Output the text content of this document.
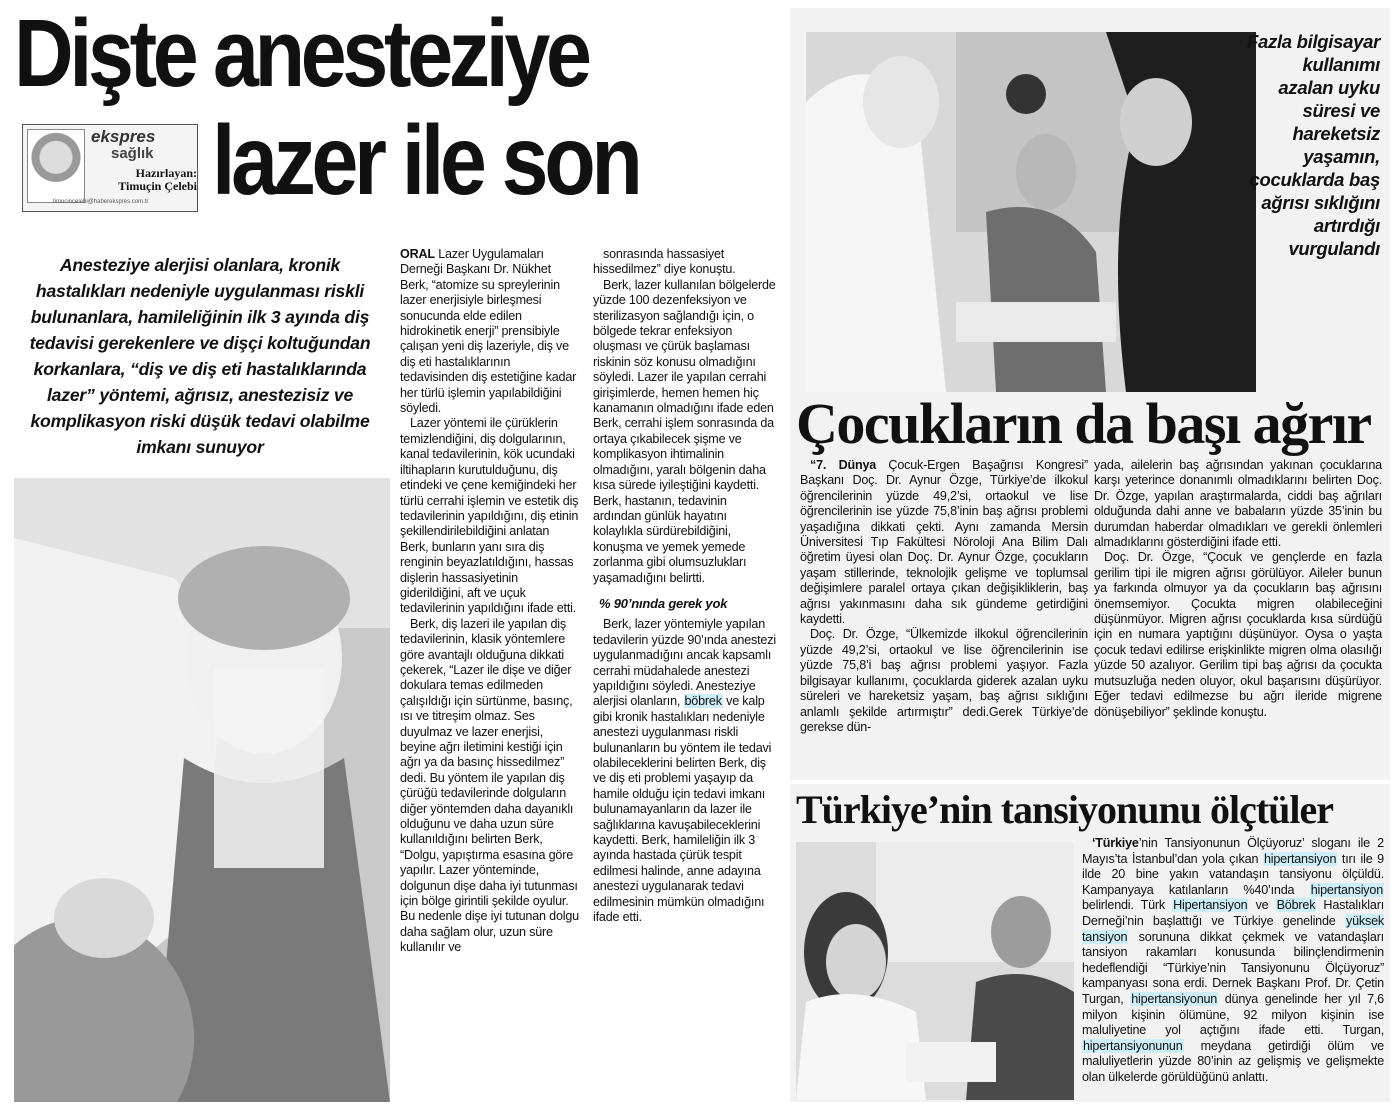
Dişte anesteziye
ekspres
sağlık
Hazırlayan:
Timuçin Çelebi
timucincelebi@haberekspres.com.tr lazer ile son
Anesteziye alerjisi olanlara, kronik hastalıkları nedeniyle uygulanması riskli bulunanlara, hamileliğinin ilk 3 ayında diş tedavisi gerekenlere ve dişçi koltuğundan korkanlara, “diş ve diş eti hastalıklarında lazer” yöntemi, ağrısız, anestezisiz ve komplikasyon riski düşük tedavi olabilme imkanı sunuyor

ORAL Lazer Uygulamaları Derneği Başkanı Dr. Nükhet Berk, “atomize su spreylerinin lazer enerjisiyle birleşmesi sonucunda elde edilen hidrokinetik enerji” prensibiyle çalışan yeni diş lazeriyle, diş ve diş eti hastalıklarının tedavisinden diş estetiğine kadar her türlü işlemin yapılabildiğini söyledi.

Lazer yöntemi ile çürüklerin temizlendiğini, diş dolgularının, kanal tedavilerinin, kök ucundaki iltihapların kurutulduğunu, diş etindeki ve çene kemiğindeki her türlü cerrahi işlemin ve estetik diş tedavilerinin yapıldığını, diş etinin şekillendirilebildiğini anlatan Berk, bunların yanı sıra diş renginin beyazlatıldığını, hassas dişlerin hassasiyetinin giderildiğini, aft ve uçuk tedavilerinin yapıldığını ifade etti.

Berk, diş lazeri ile yapılan diş tedavilerinin, klasik yöntemlere göre avantajlı olduğuna dikkati çekerek, “Lazer ile dişe ve diğer dokulara temas edilmeden çalışıldığı için sürtünme, basınç, ısı ve titreşim olmaz. Ses duyulmaz ve lazer enerjisi, beyine ağrı iletimini kestiği için ağrı ya da basınç hissedilmez” dedi. Bu yöntem ile yapılan diş çürüğü tedavilerinde dolguların diğer yöntemden daha dayanıklı olduğunu ve daha uzun süre kullanıldığını belirten Berk, “Dolgu, yapıştırma esasına göre yapılır. Lazer yönteminde, dolgunun dişe daha iyi tutunması için bölge girintili şekilde oyulur. Bu nedenle dişe iyi tutunan dolgu daha sağlam olur, uzun süre kullanılır ve

sonrasında hassasiyet hissedilmez” diye konuştu.

Berk, lazer kullanılan bölgelerde yüzde 100 dezenfeksiyon ve sterilizasyon sağlandığı için, o bölgede tekrar enfeksiyon oluşması ve çürük başlaması riskinin söz konusu olmadığını söyledi. Lazer ile yapılan cerrahi girişimlerde, hemen hemen hiç kanamanın olmadığını ifade eden Berk, cerrahi işlem sonrasında da ortaya çıkabilecek şişme ve komplikasyon ihtimalinin olmadığını, yaralı bölgenin daha kısa sürede iyileştiğini kaydetti. Berk, hastanın, tedavinin ardından günlük hayatını kolaylıkla sürdürebildiğini, konuşma ve yemek yemede zorlanma gibi olumsuzlukları yaşamadığını belirtti.

% 90’nında gerek yok

Berk, lazer yöntemiyle yapılan tedavilerin yüzde 90’ında anestezi uygulanmadığını ancak kapsamlı cerrahi müdahalede anestezi yapıldığını söyledi. Anesteziye alerjisi olanların, böbrek ve kalp gibi kronik hastalıkları nedeniyle anestezi uygulanması riskli bulunanların bu yöntem ile tedavi olabileceklerini belirten Berk, diş ve diş eti problemi yaşayıp da hamile olduğu için tedavi imkanı bulunamayanların da lazer ile sağlıklarına kavuşabileceklerini kaydetti. Berk, hamileliğin ilk 3 ayında hastada çürük tespit edilmesi halinde, anne adayına anestezi uygulanarak tedavi edilmesinin mümkün olmadığını ifade etti.

Fazla bilgisayar kullanımı azalan uyku süresi ve hareketsiz yaşamın, çocuklarda baş ağrısı sıklığını artırdığı vurgulandı
Çocukların da başı ağrır

“7. Dünya Çocuk-Ergen Başağrısı Kongresi” Başkanı Doç. Dr. Aynur Özge, Türkiye’de ilkokul öğrencilerinin yüzde 49,2’si, ortaokul ve lise öğrencilerinin ise yüzde 75,8’inin baş ağrısı problemi yaşadığına dikkati çekti. Aynı zamanda Mersin Üniversitesi Tıp Fakültesi Nöroloji Ana Bilim Dalı öğretim üyesi olan Doç. Dr. Aynur Özge, çocukların yaşam stillerinde, teknolojik gelişme ve toplumsal değişimlere paralel ortaya çıkan değişikliklerin, baş ağrısı yakınmasını daha sık gündeme getirdiğini kaydetti.

Doç. Dr. Özge, “Ülkemizde ilkokul öğrencilerinin yüzde 49,2’si, ortaokul ve lise öğrencilerinin ise yüzde 75,8’i baş ağrısı problemi yaşıyor. Fazla bilgisayar kullanımı, çocuklarda giderek azalan uyku süreleri ve hareketsiz yaşam, baş ağrısı sıklığını anlamlı şekilde artırmıştır” dedi.Gerek Türkiye’de gerekse dün-

yada, ailelerin baş ağrısından yakınan çocuklarına karşı yeterince donanımlı olmadıklarını belirten Doç. Dr. Özge, yapılan araştırmalarda, ciddi baş ağrıları olduğunda dahi anne ve babaların yüzde 35’inin bu durumdan haberdar olmadıkları ve gerekli önlemleri almadıklarını gösterdiğini ifade etti.

Doç. Dr. Özge, “Çocuk ve gençlerde en fazla gerilim tipi ile migren ağrısı görülüyor. Aileler bunun ya farkında olmuyor ya da çocukların baş ağrısını önemsemiyor. Çocukta migren olabileceğini düşünmüyor. Migren ağrısı çocuklarda kısa sürdüğü için en numara yaptığını düşünüyor. Oysa o yaşta çocuk tedavi edilirse erişkinlikte migren olma olasılığı yüzde 50 azalıyor. Gerilim tipi baş ağrısı da çocukta mutsuzluğa neden oluyor, okul başarısını düşürüyor. Eğer tedavi edilmezse bu ağrı ileride migrene dönüşebiliyor” şeklinde konuştu.

Türkiye’nin tansiyonunu ölçtüler

‘Türkiye’nin Tansiyonunun Ölçüyoruz’ sloganı ile 2 Mayıs’ta İstanbul’dan yola çıkan hipertansiyon tırı ile 9 ilde 20 bine yakın vatandaşın tansiyonu ölçüldü. Kampanyaya katılanların %40’ında hipertansiyon belirlendi. Türk Hipertansiyon ve Böbrek Hastalıkları Derneği’nin başlattığı ve Türkiye genelinde yüksek tansiyon sorununa dikkat çekmek ve vatandaşları tansiyon rakamları konusunda bilinçlendirmenin hedeflendiği “Türkiye’nin Tansiyonunu Ölçüyoruz” kampanyası sona erdi. Dernek Başkanı Prof. Dr. Çetin Turgan, hipertansiyonun dünya genelinde her yıl 7,6 milyon kişinin ölümüne, 92 milyon kişinin ise maluliyetine yol açtığını ifade etti. Turgan, hipertansiyonunun meydana getirdiği ölüm ve maluliyetlerin yüzde 80’inin az gelişmiş ve gelişmekte olan ülkelerde görüldüğünü anlattı.
